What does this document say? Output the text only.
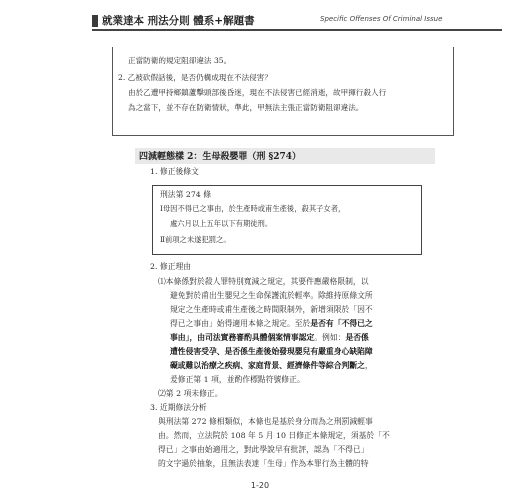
就業達本 刑法分則 體系+解題書	Specific Offenses Of Criminal Issue
正當防衛的規定阻卻違法 35。
2. 乙被砍假話後，是否仍構成現在不法侵害？
由於乙遭甲持鄉鎮蘆擊頭部後昏迷，現在不法侵害已經消逝，故甲揮行殺人行
為之當下，並不存在防衛情狀，準此，甲無法主張正當防衛阻卻違法。
四減輕態樣 2：生母殺嬰罪（刑 §274）
1. 修正後條文
刑法第 274 條
Ⅰ母因不得已之事由，於生產時或甫生產後，殺其子女者，
處六月以上五年以下有期徒刑。
Ⅱ前項之未遂犯罰之。
2. 修正理由
⑴本條係對於殺人罪特別寬減之規定，其要件應嚴格限制，以
避免對於甫出生嬰兒之生命保護流於輕率。除維持原條文所
規定之生產時或甫生產後之時間限制外，新增須限於「因不
得已之事由」始得適用本條之規定。至於是否有「不得已之
事由」，由司法實務審酌具體個案情事認定。例如：是否係
遭性侵害受孕、是否係生產後始發現嬰兒有嚴重身心缺陷障
礙或難以治療之疾病、家庭背景、經濟條件等綜合判斷之，
爰修正第 1 項，並酌作標點符號修正。
⑵第 2 項未修正。
3. 近期修法分析
與刑法第 272 條相類似，本條也是基於身分而為之刑罰減輕事
由。然而，立法院於 108 年 5 月 10 日修正本條規定，須基於「不
得已」之事由始適用之，對此學說早有批評，認為「不得已」
的文字過於抽象，且無法表達「生母」作為本罪行為主體的特
1-20
